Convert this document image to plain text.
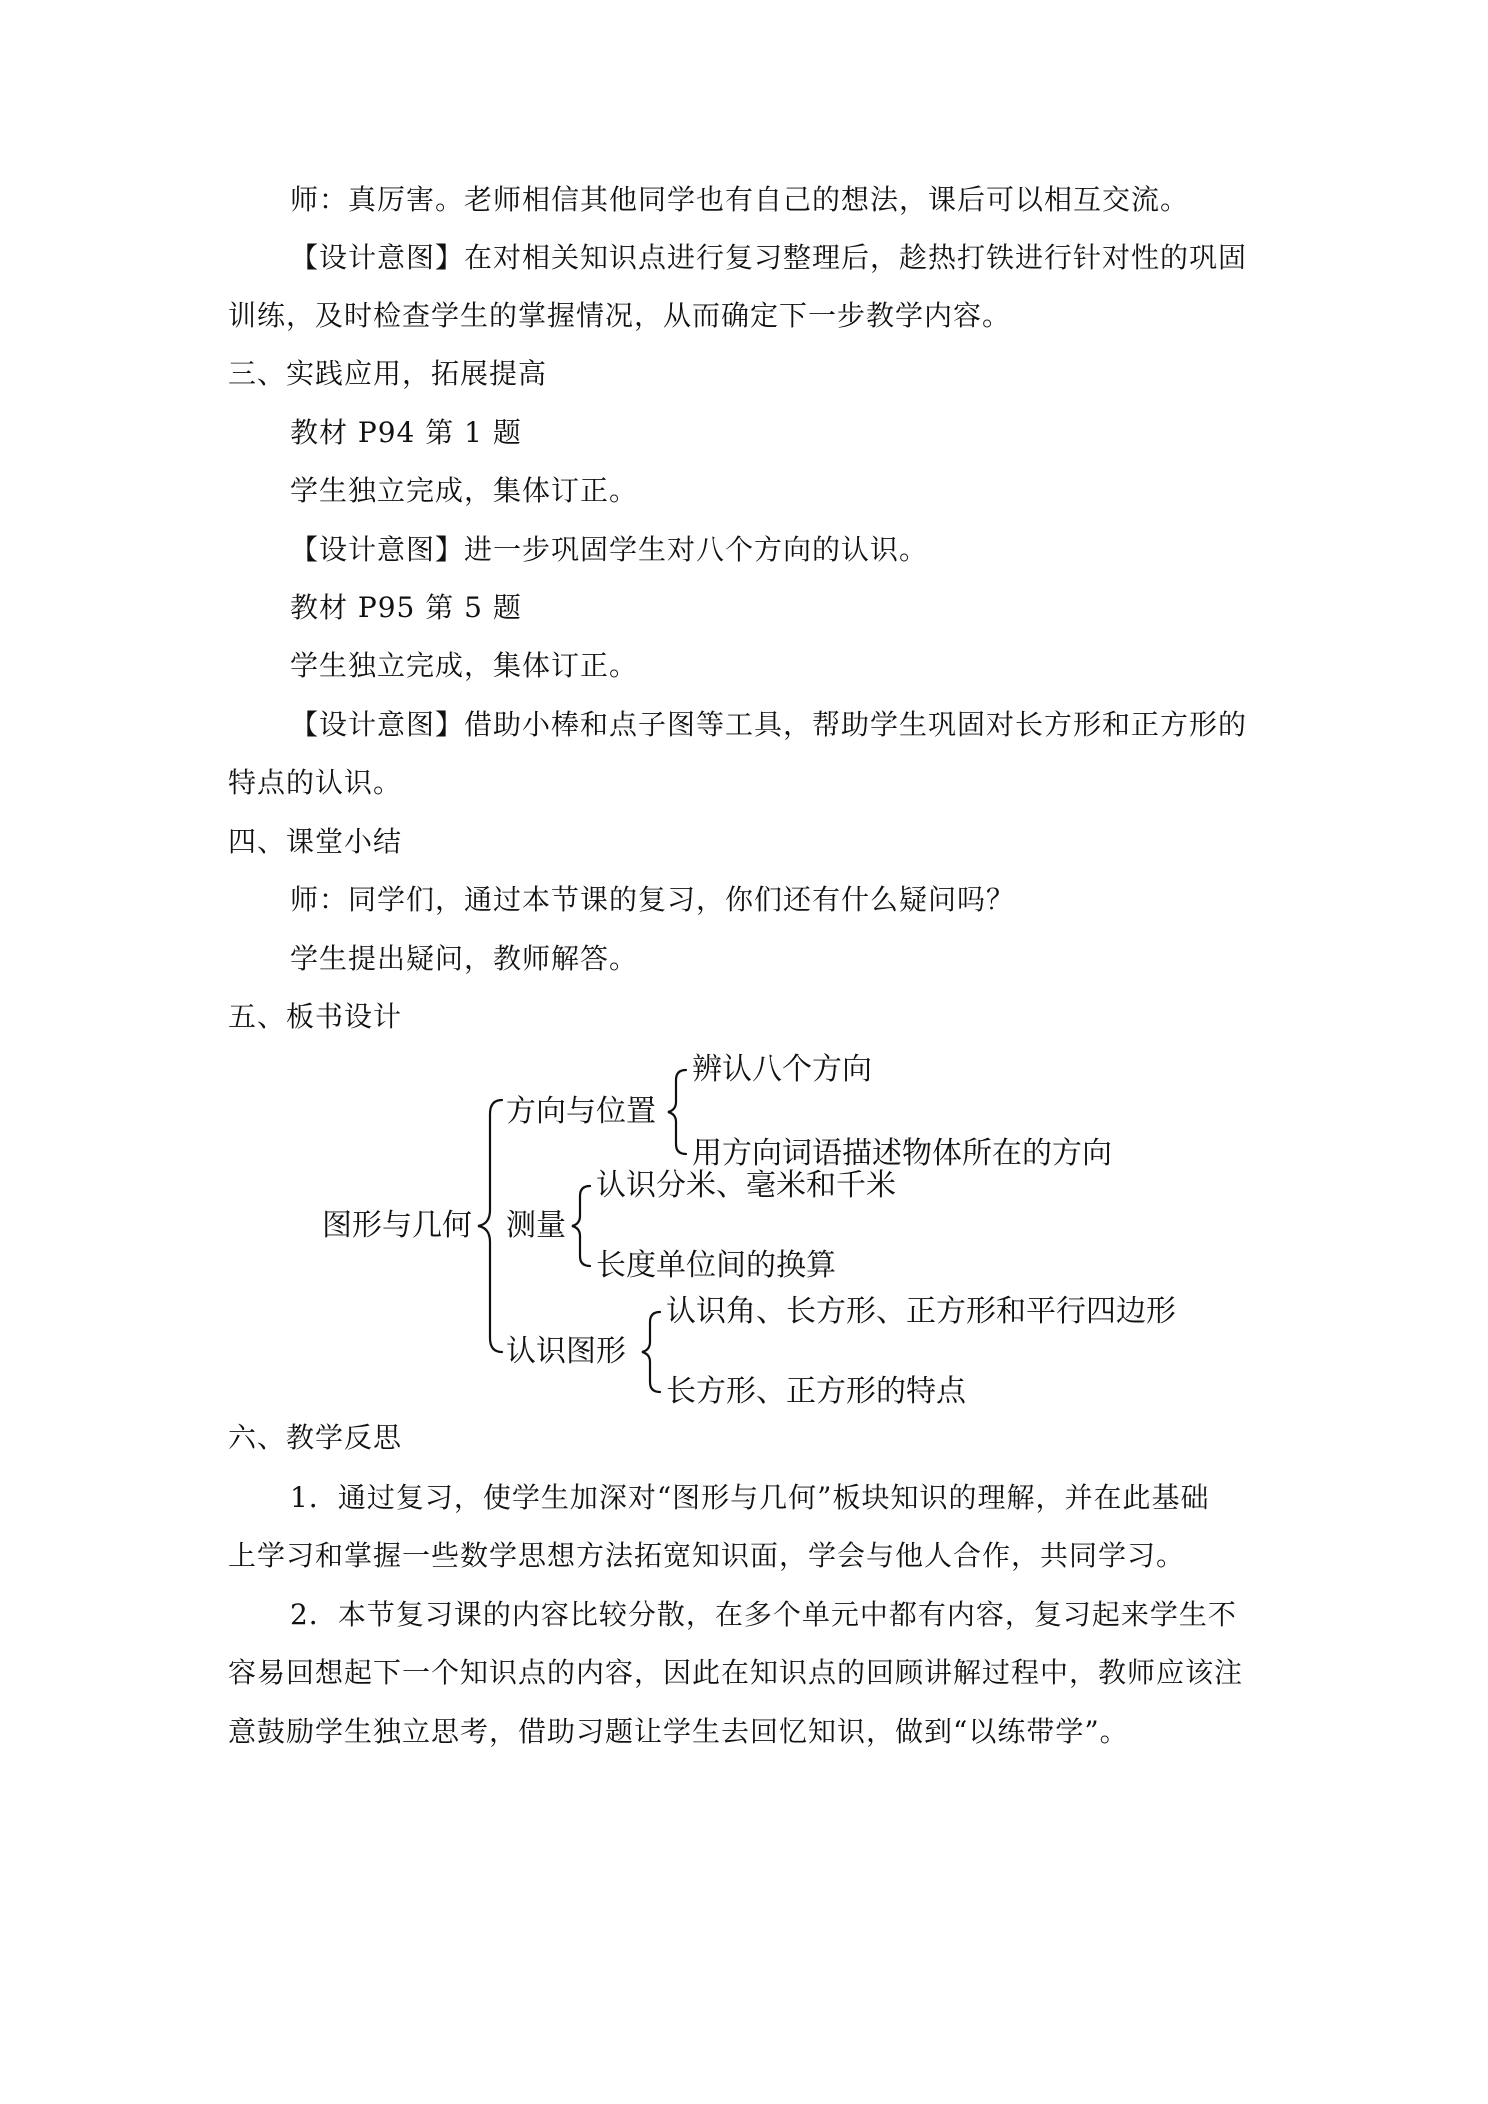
师：真厉害。老师相信其他同学也有自己的想法，课后可以相互交流。
【设计意图】在对相关知识点进行复习整理后，趁热打铁进行针对性的巩固
训练，及时检查学生的掌握情况，从而确定下一步教学内容。
三、实践应用，拓展提高
教材 P94 第 1 题
学生独立完成，集体订正。
【设计意图】进一步巩固学生对八个方向的认识。
教材 P95 第 5 题
学生独立完成，集体订正。
【设计意图】借助小棒和点子图等工具，帮助学生巩固对长方形和正方形的
特点的认识。
四、课堂小结
师：同学们，通过本节课的复习，你们还有什么疑问吗？
学生提出疑问，教师解答。
五、板书设计
图形与几何
方向与位置
辨认八个方向
用方向词语描述物体所在的方向
测量
认识分米、毫米和千米
长度单位间的换算
认识图形
认识角、长方形、正方形和平行四边形
长方形、正方形的特点
六、教学反思
1．通过复习，使学生加深对“图形与几何”板块知识的理解，并在此基础
上学习和掌握一些数学思想方法拓宽知识面，学会与他人合作，共同学习。
2．本节复习课的内容比较分散，在多个单元中都有内容，复习起来学生不
容易回想起下一个知识点的内容，因此在知识点的回顾讲解过程中，教师应该注
意鼓励学生独立思考，借助习题让学生去回忆知识，做到“以练带学”。
